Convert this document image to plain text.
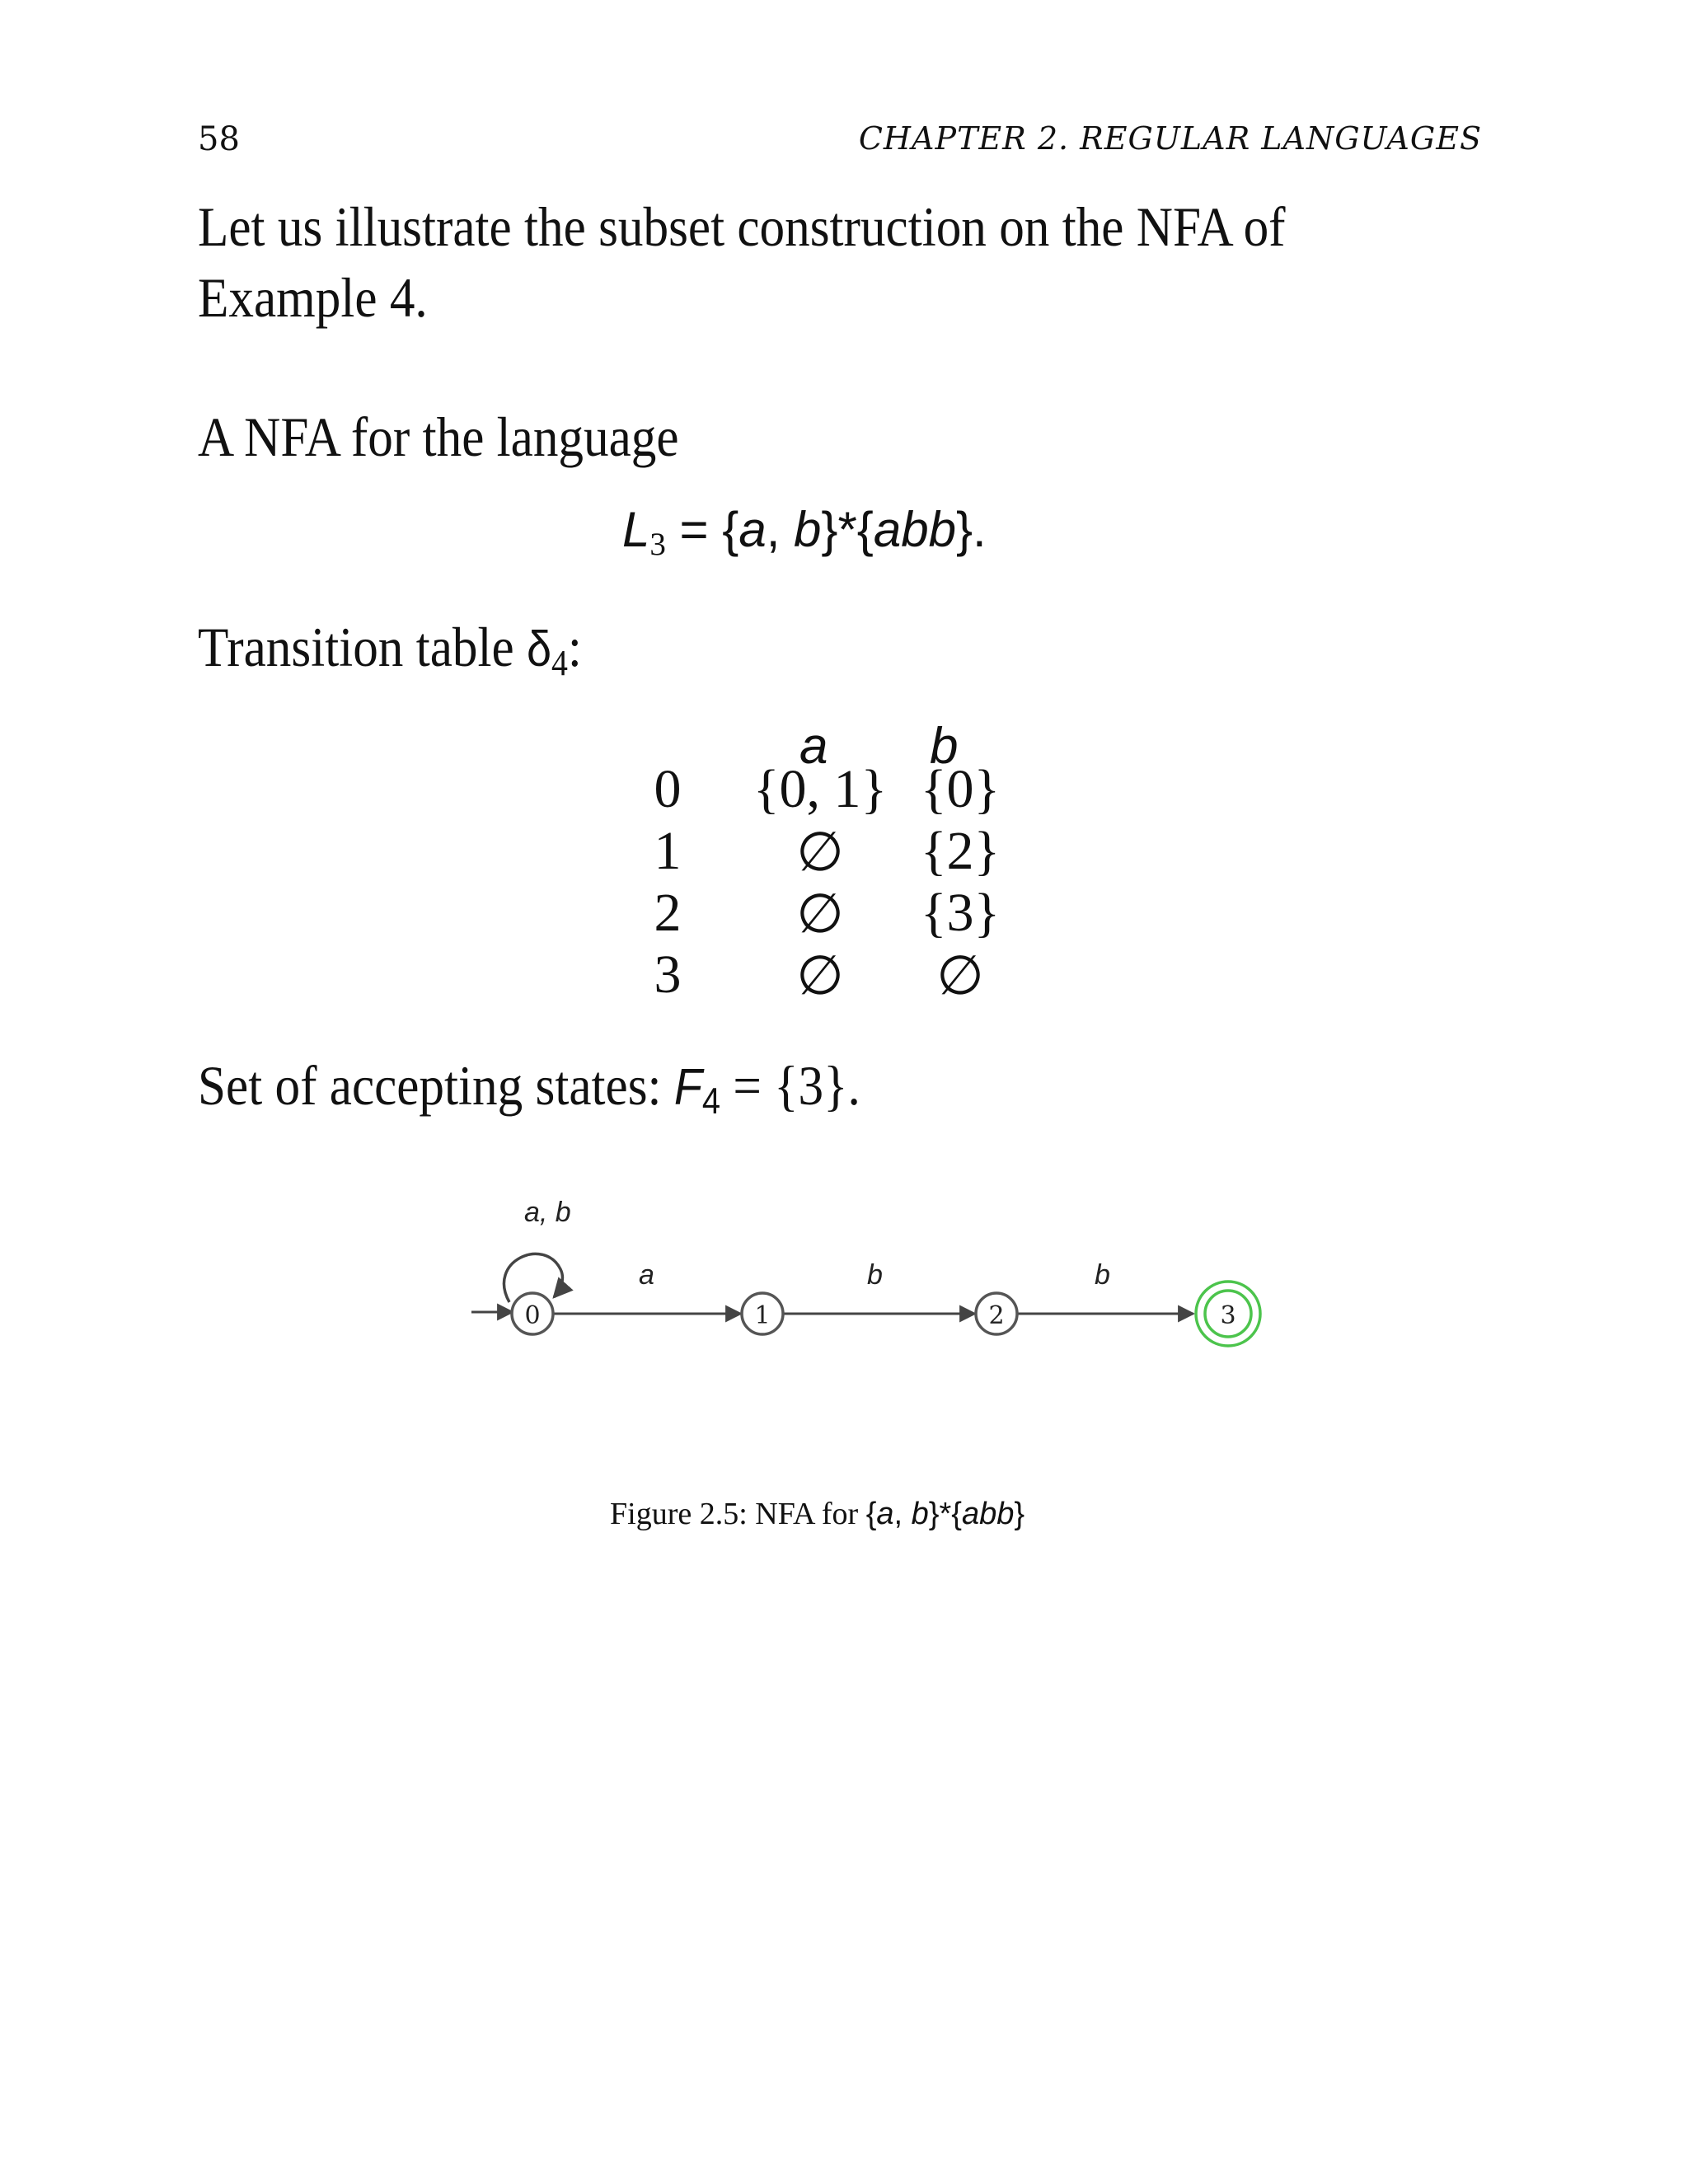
58	CHAPTER 2. REGULAR LANGUAGES
Let us illustrate the subset construction on the NFA of
Example 4.
A NFA for the language
$L_3 = \{a$, b}*{abb}.
Transition table $\delta_4$:
a b
0 {0, 1} {0}
1	∅	{2}
2	∅	{3}
3	∅	∅
Set of accepting states: $F_4 = \{3\}$.
a, b
a	b	b
0	1	2	3
Figure 2.5: NFA for {a, b}*{abb}
